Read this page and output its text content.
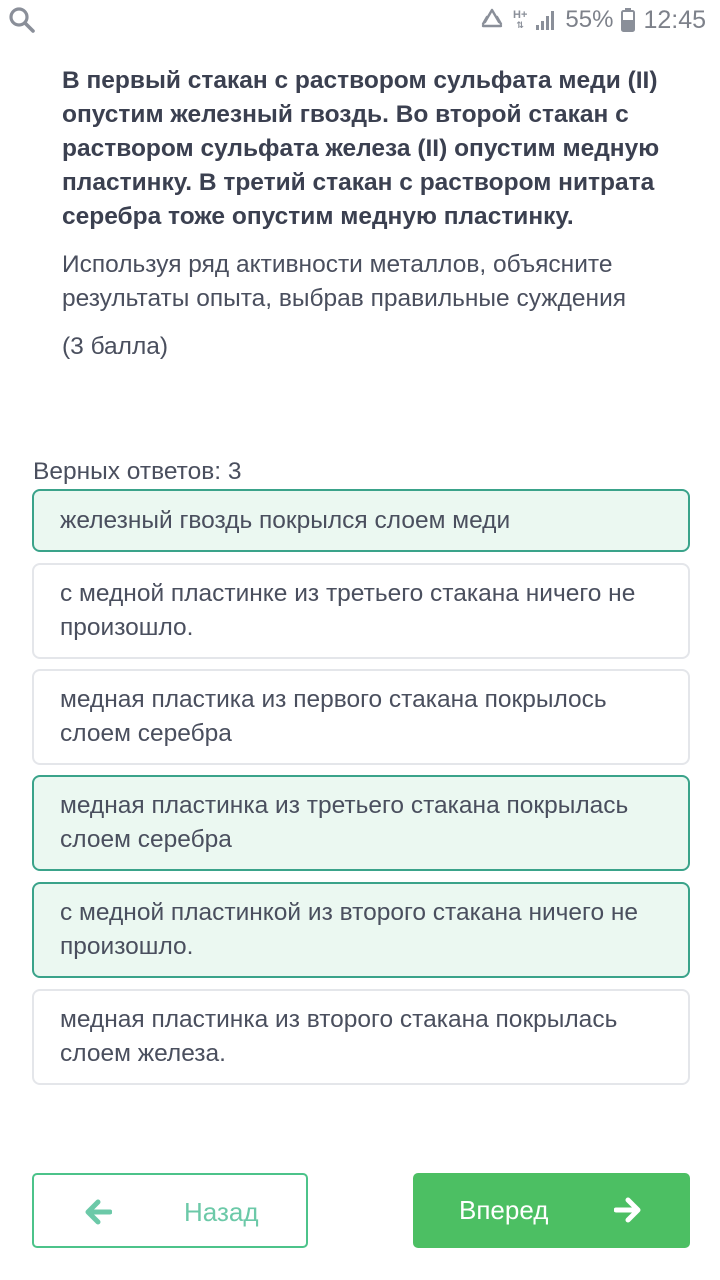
H+
⇅ 55% 12:45

В первый стакан с раствором сульфата меди (II) опустим железный гвоздь. Во второй стакан с раствором сульфата железа (II) опустим медную пластинку. В третий стакан с раствором нитрата серебра тоже опустим медную пластинку.

Используя ряд активности металлов, объясните результаты опыта, выбрав правильные суждения

(3 балла)

Верных ответов: 3
железный гвоздь покрылся слоем меди
с медной пластинке из третьего стакана ничего не произошло.
медная пластика из первого стакана покрылось слоем серебра
медная пластинка из третьего стакана покрылась слоем серебра
с медной пластинкой из второго стакана ничего не произошло.
медная пластинка из второго стакана покрылась слоем железа.
Назад	Вперед
